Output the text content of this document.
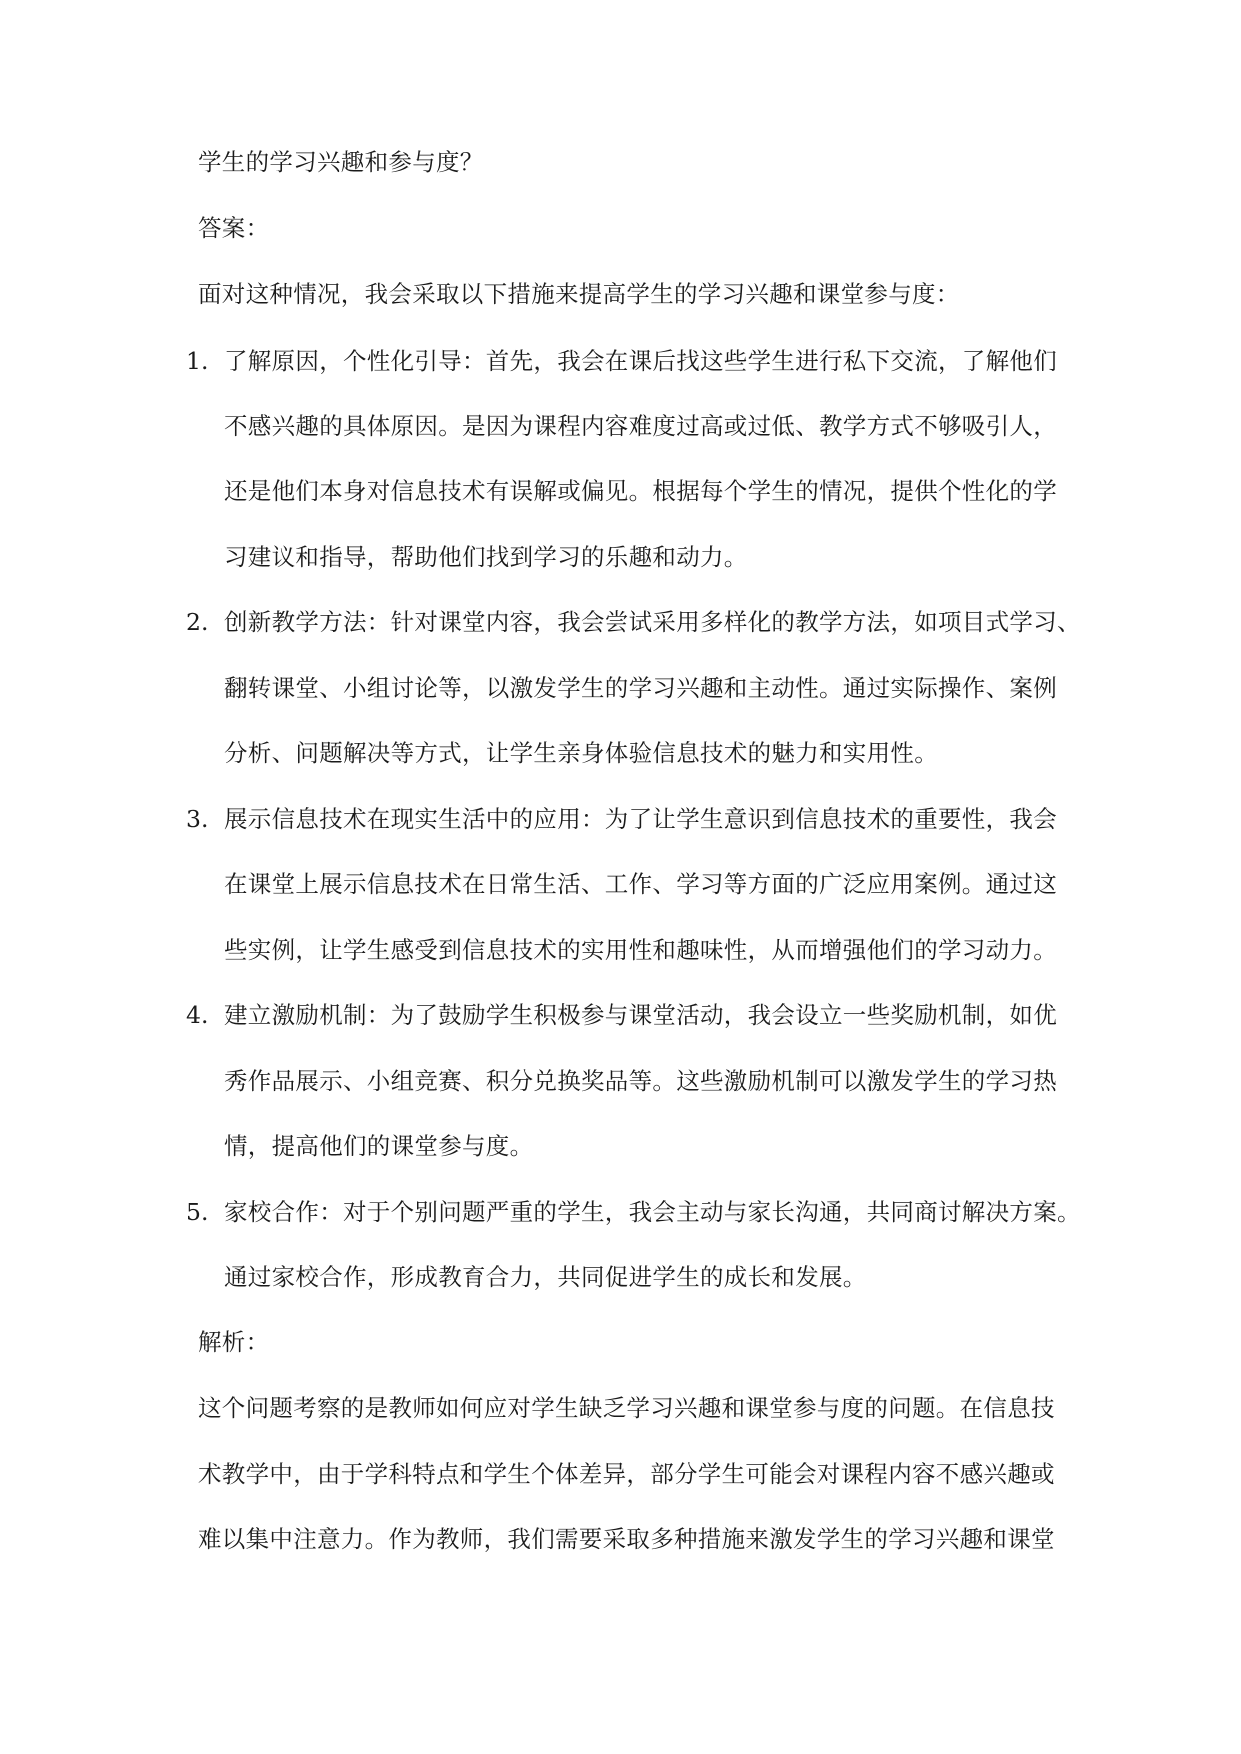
学生的学习兴趣和参与度？
答案：
面对这种情况，我会采取以下措施来提高学生的学习兴趣和课堂参与度：
1. 了解原因，个性化引导：首先，我会在课后找这些学生进行私下交流，了解他们
不感兴趣的具体原因。是因为课程内容难度过高或过低、教学方式不够吸引人，
还是他们本身对信息技术有误解或偏见。根据每个学生的情况，提供个性化的学
习建议和指导，帮助他们找到学习的乐趣和动力。
2. 创新教学方法：针对课堂内容，我会尝试采用多样化的教学方法，如项目式学习、
翻转课堂、小组讨论等，以激发学生的学习兴趣和主动性。通过实际操作、案例
分析、问题解决等方式，让学生亲身体验信息技术的魅力和实用性。
3. 展示信息技术在现实生活中的应用：为了让学生意识到信息技术的重要性，我会
在课堂上展示信息技术在日常生活、工作、学习等方面的广泛应用案例。通过这
些实例，让学生感受到信息技术的实用性和趣味性，从而增强他们的学习动力。
4. 建立激励机制：为了鼓励学生积极参与课堂活动，我会设立一些奖励机制，如优
秀作品展示、小组竞赛、积分兑换奖品等。这些激励机制可以激发学生的学习热
情，提高他们的课堂参与度。
5. 家校合作：对于个别问题严重的学生，我会主动与家长沟通，共同商讨解决方案。
通过家校合作，形成教育合力，共同促进学生的成长和发展。
解析：
这个问题考察的是教师如何应对学生缺乏学习兴趣和课堂参与度的问题。在信息技
术教学中，由于学科特点和学生个体差异，部分学生可能会对课程内容不感兴趣或
难以集中注意力。作为教师，我们需要采取多种措施来激发学生的学习兴趣和课堂
